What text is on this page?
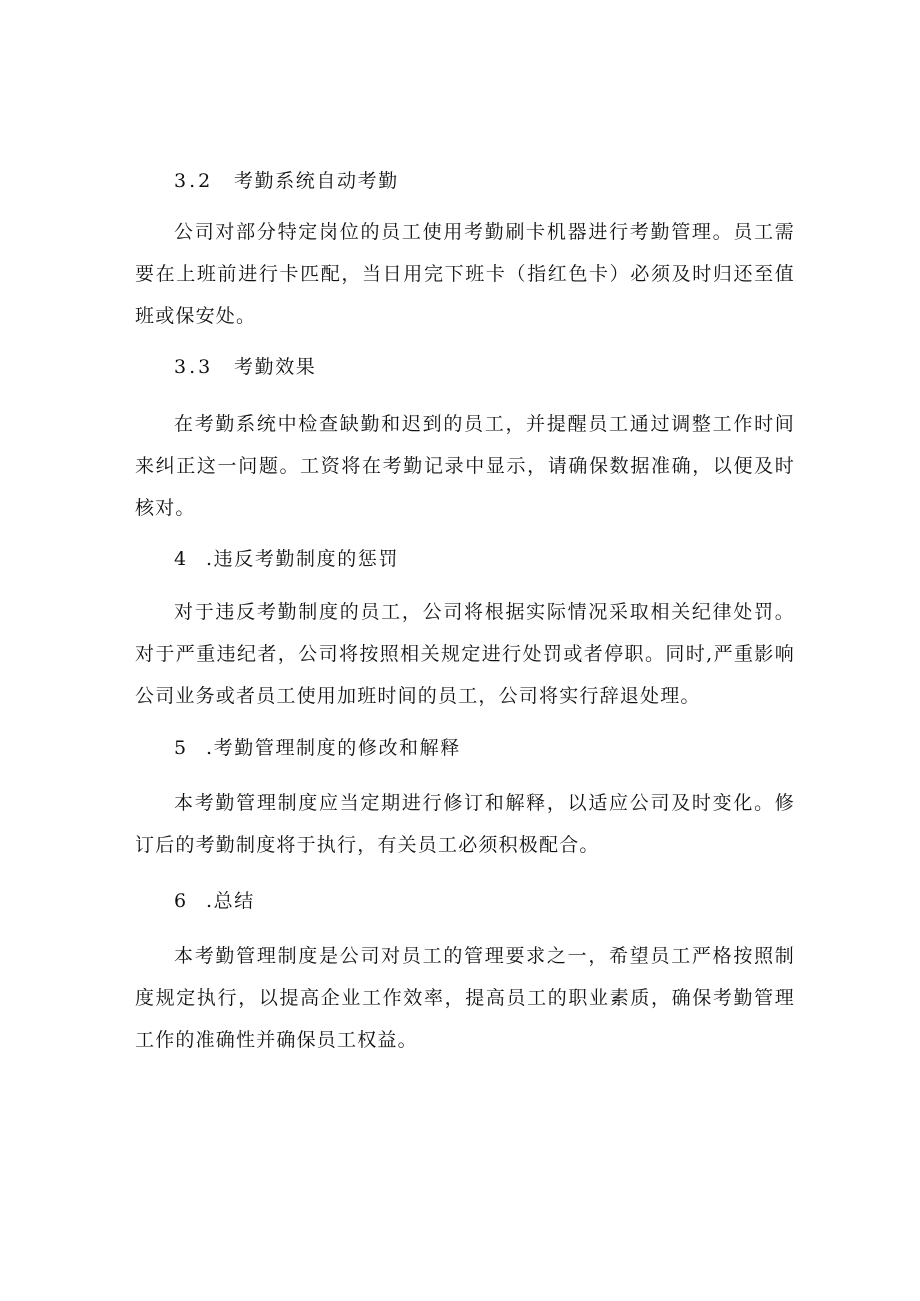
3.2 考勤系统自动考勤

公司对部分特定岗位的员工使用考勤刷卡机器进行考勤管理。员工需要在上班前进行卡匹配，当日用完下班卡（指红色卡）必须及时归还至值班或保安处。

3.3 考勤效果

在考勤系统中检查缺勤和迟到的员工，并提醒员工通过调整工作时间来纠正这一问题。工资将在考勤记录中显示，请确保数据准确，以便及时核对。

4 .违反考勤制度的惩罚

对于违反考勤制度的员工，公司将根据实际情况采取相关纪律处罚。对于严重违纪者，公司将按照相关规定进行处罚或者停职。同时,严重影响公司业务或者员工使用加班时间的员工，公司将实行辞退处理。

5 .考勤管理制度的修改和解释

本考勤管理制度应当定期进行修订和解释，以适应公司及时变化。修订后的考勤制度将于执行，有关员工必须积极配合。

6 .总结

本考勤管理制度是公司对员工的管理要求之一，希望员工严格按照制度规定执行，以提高企业工作效率，提高员工的职业素质，确保考勤管理工作的准确性并确保员工权益。
